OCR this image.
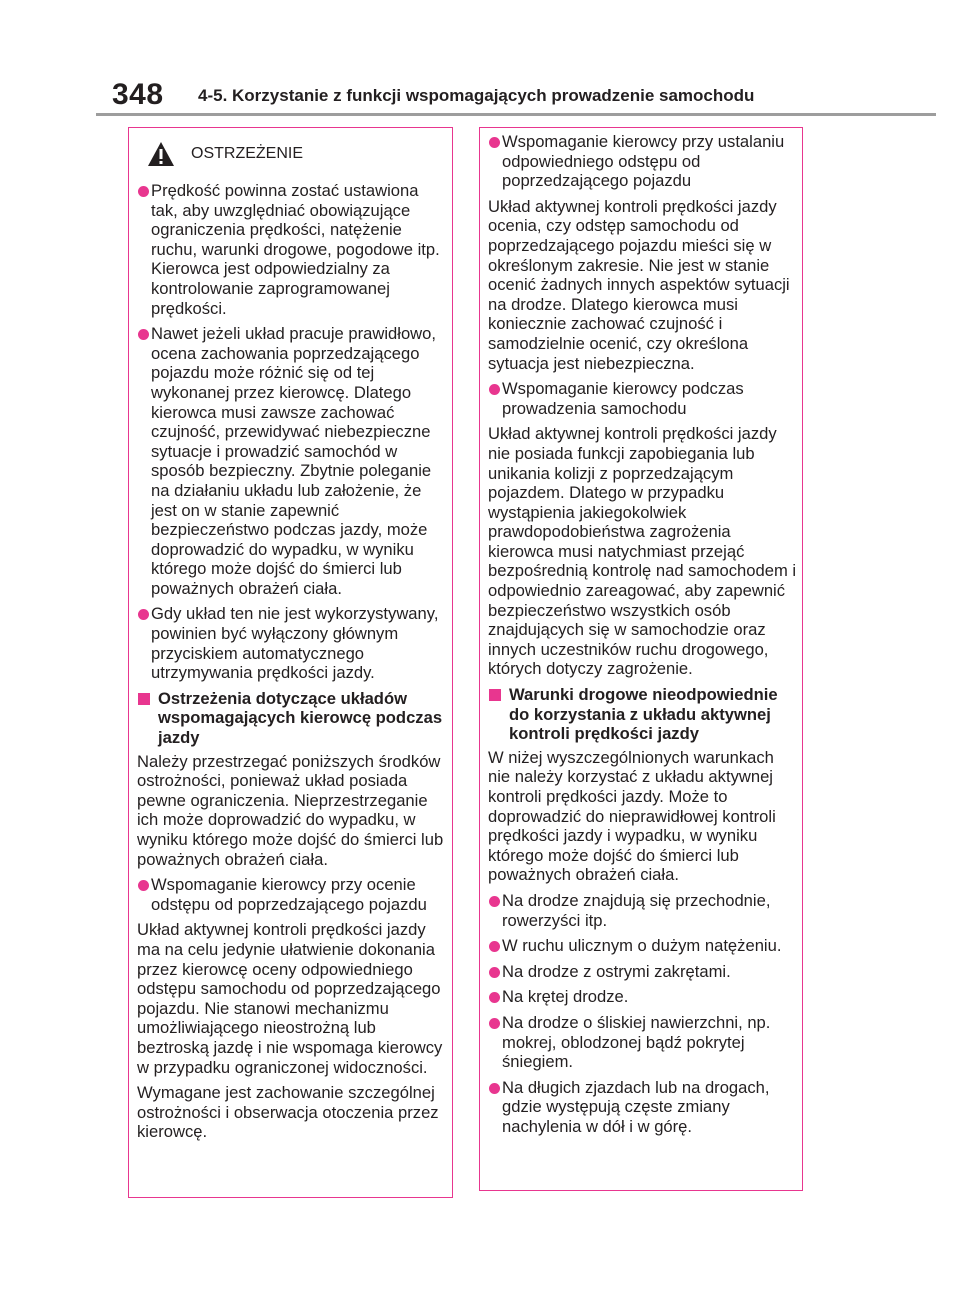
348 4-5. Korzystanie z funkcji wspomagających prowadzenie samochodu
OSTRZEŻENIE
Prędkość powinna zostać ustawiona tak, aby uwzględniać obowiązujące ograniczenia prędkości, natężenie ruchu, warunki drogowe, pogodowe itp. Kierowca jest odpowiedzialny za kontrolowanie zaprogramowanej prędkości.
Nawet jeżeli układ pracuje prawidłowo, ocena zachowania poprzedzającego pojazdu może różnić się od tej wykonanej przez kierowcę. Dlatego kierowca musi zawsze zachować czujność, przewidywać niebezpieczne sytuacje i prowadzić samochód w sposób bezpieczny. Zbytnie poleganie na działaniu układu lub założenie, że jest on w stanie zapewnić bezpieczeństwo podczas jazdy, może doprowadzić do wypadku, w wyniku którego może dojść do śmierci lub poważnych obrażeń ciała.
Gdy układ ten nie jest wykorzystywany, powinien być wyłączony głównym przyciskiem automatycznego utrzymywania prędkości jazdy.
Ostrzeżenia dotyczące układów wspomagających kierowcę podczas jazdy
Należy przestrzegać poniższych środków ostrożności, ponieważ układ posiada pewne ograniczenia. Nieprzestrzeganie ich może doprowadzić do wypadku, w wyniku którego może dojść do śmierci lub poważnych obrażeń ciała.
Wspomaganie kierowcy przy ocenie odstępu od poprzedzającego pojazdu
Układ aktywnej kontroli prędkości jazdy ma na celu jedynie ułatwienie dokonania przez kierowcę oceny odpowiedniego odstępu samochodu od poprzedzającego pojazdu. Nie stanowi mechanizmu umożliwiającego nieostrożną lub beztroską jazdę i nie wspomaga kierowcy w przypadku ograniczonej widoczności.
Wymagane jest zachowanie szczególnej ostrożności i obserwacja otoczenia przez kierowcę.
Wspomaganie kierowcy przy ustalaniu odpowiedniego odstępu od poprzedzającego pojazdu
Układ aktywnej kontroli prędkości jazdy ocenia, czy odstęp samochodu od poprzedzającego pojazdu mieści się w określonym zakresie. Nie jest w stanie ocenić żadnych innych aspektów sytuacji na drodze. Dlatego kierowca musi koniecznie zachować czujność i samodzielnie ocenić, czy określona sytuacja jest niebezpieczna.
Wspomaganie kierowcy podczas prowadzenia samochodu
Układ aktywnej kontroli prędkości jazdy nie posiada funkcji zapobiegania lub unikania kolizji z poprzedzającym pojazdem. Dlatego w przypadku wystąpienia jakiegokolwiek prawdopodobieństwa zagrożenia kierowca musi natychmiast przejąć bezpośrednią kontrolę nad samochodem i odpowiednio zareagować, aby zapewnić bezpieczeństwo wszystkich osób znajdujących się w samochodzie oraz innych uczestników ruchu drogowego, których dotyczy zagrożenie.
Warunki drogowe nieodpowiednie do korzystania z układu aktywnej kontroli prędkości jazdy
W niżej wyszczególnionych warunkach nie należy korzystać z układu aktywnej kontroli prędkości jazdy. Może to doprowadzić do nieprawidłowej kontroli prędkości jazdy i wypadku, w wyniku którego może dojść do śmierci lub poważnych obrażeń ciała.
Na drodze znajdują się przechodnie, rowerzyści itp.
W ruchu ulicznym o dużym natężeniu.
Na drodze z ostrymi zakrętami.
Na krętej drodze.
Na drodze o śliskiej nawierzchni, np. mokrej, oblodzonej bądź pokrytej śniegiem.
Na długich zjazdach lub na drogach, gdzie występują częste zmiany nachylenia w dół i w górę.
